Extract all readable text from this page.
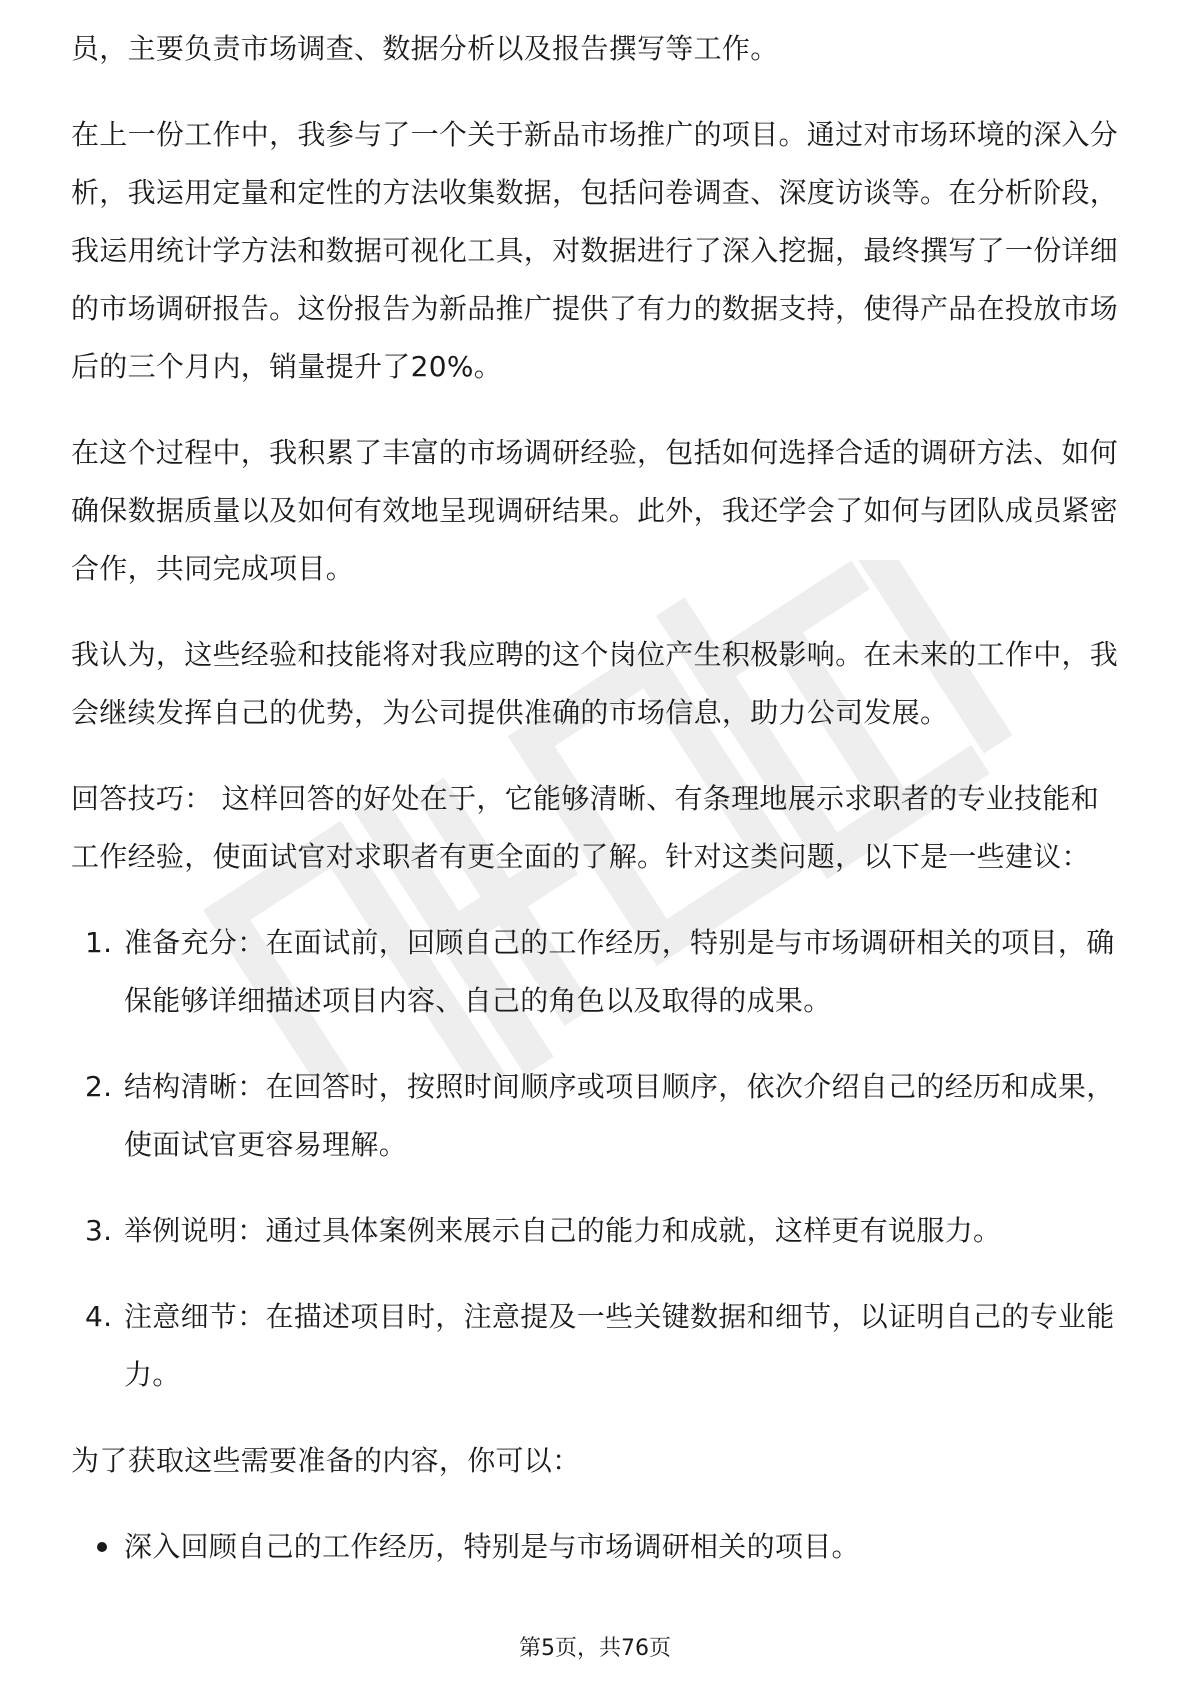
员，主要负责市场调查、数据分析以及报告撰写等工作。

在上一份工作中，我参与了一个关于新品市场推广的项目。通过对市场环境的深入分析，我运用定量和定性的方法收集数据，包括问卷调查、深度访谈等。在分析阶段，我运用统计学方法和数据可视化工具，对数据进行了深入挖掘，最终撰写了一份详细的市场调研报告。这份报告为新品推广提供了有力的数据支持，使得产品在投放市场后的三个月内，销量提升了20%。

在这个过程中，我积累了丰富的市场调研经验，包括如何选择合适的调研方法、如何确保数据质量以及如何有效地呈现调研结果。此外，我还学会了如何与团队成员紧密合作，共同完成项目。

我认为，这些经验和技能将对我应聘的这个岗位产生积极影响。在未来的工作中，我会继续发挥自己的优势，为公司提供准确的市场信息，助力公司发展。

回答技巧： 这样回答的好处在于，它能够清晰、有条理地展示求职者的专业技能和工作经验，使面试官对求职者有更全面的了解。针对这类问题，以下是一些建议：

1. 准备充分：在面试前，回顾自己的工作经历，特别是与市场调研相关的项目，确保能够详细描述项目内容、自己的角色以及取得的成果。
2. 结构清晰：在回答时，按照时间顺序或项目顺序，依次介绍自己的经历和成果，使面试官更容易理解。
3. 举例说明：通过具体案例来展示自己的能力和成就，这样更有说服力。
4. 注意细节：在描述项目时，注意提及一些关键数据和细节，以证明自己的专业能力。

为了获取这些需要准备的内容，你可以：

深入回顾自己的工作经历，特别是与市场调研相关的项目。
第5页，共76页
